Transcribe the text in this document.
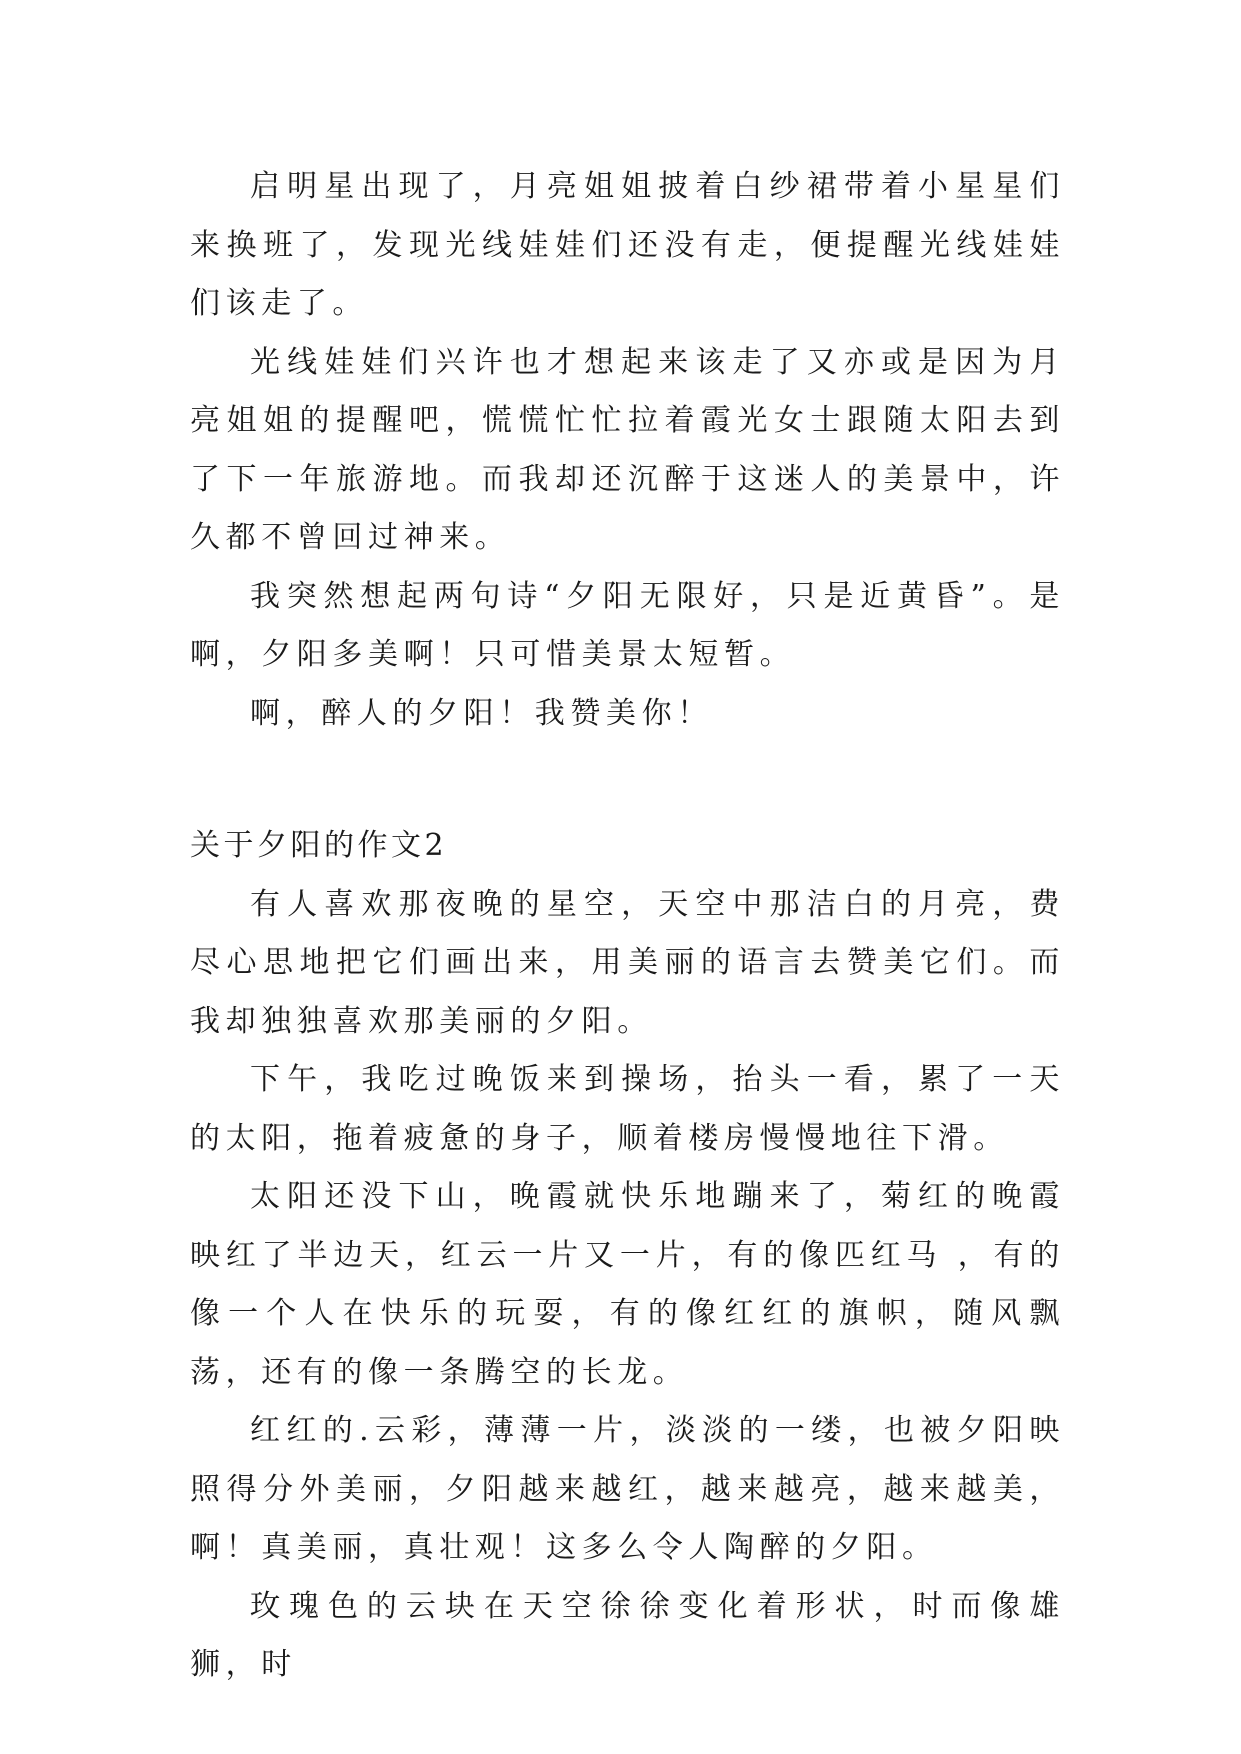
启明星出现了，月亮姐姐披着白纱裙带着小星星们来换班了，发现光线娃娃们还没有走，便提醒光线娃娃们该走了。

光线娃娃们兴许也才想起来该走了又亦或是因为月亮姐姐的提醒吧，慌慌忙忙拉着霞光女士跟随太阳去到了下一年旅游地。而我却还沉醉于这迷人的美景中，许久都不曾回过神来。

我突然想起两句诗“夕阳无限好，只是近黄昏”。是啊，夕阳多美啊！只可惜美景太短暂。

啊，醉人的夕阳！我赞美你！

关于夕阳的作文2

有人喜欢那夜晚的星空，天空中那洁白的月亮，费尽心思地把它们画出来，用美丽的语言去赞美它们。而我却独独喜欢那美丽的夕阳。

下午，我吃过晚饭来到操场，抬头一看，累了一天的太阳，拖着疲惫的身子，顺着楼房慢慢地往下滑。

太阳还没下山，晚霞就快乐地蹦来了，菊红的晚霞映红了半边天，红云一片又一片，有的像匹红马 ，有的像一个人在快乐的玩耍，有的像红红的旗帜，随风飘荡，还有的像一条腾空的长龙。

红红的.云彩，薄薄一片，淡淡的一缕，也被夕阳映照得分外美丽，夕阳越来越红，越来越亮，越来越美，啊！真美丽，真壮观！这多么令人陶醉的夕阳。

玫瑰色的云块在天空徐徐变化着形状，时而像雄狮，时
